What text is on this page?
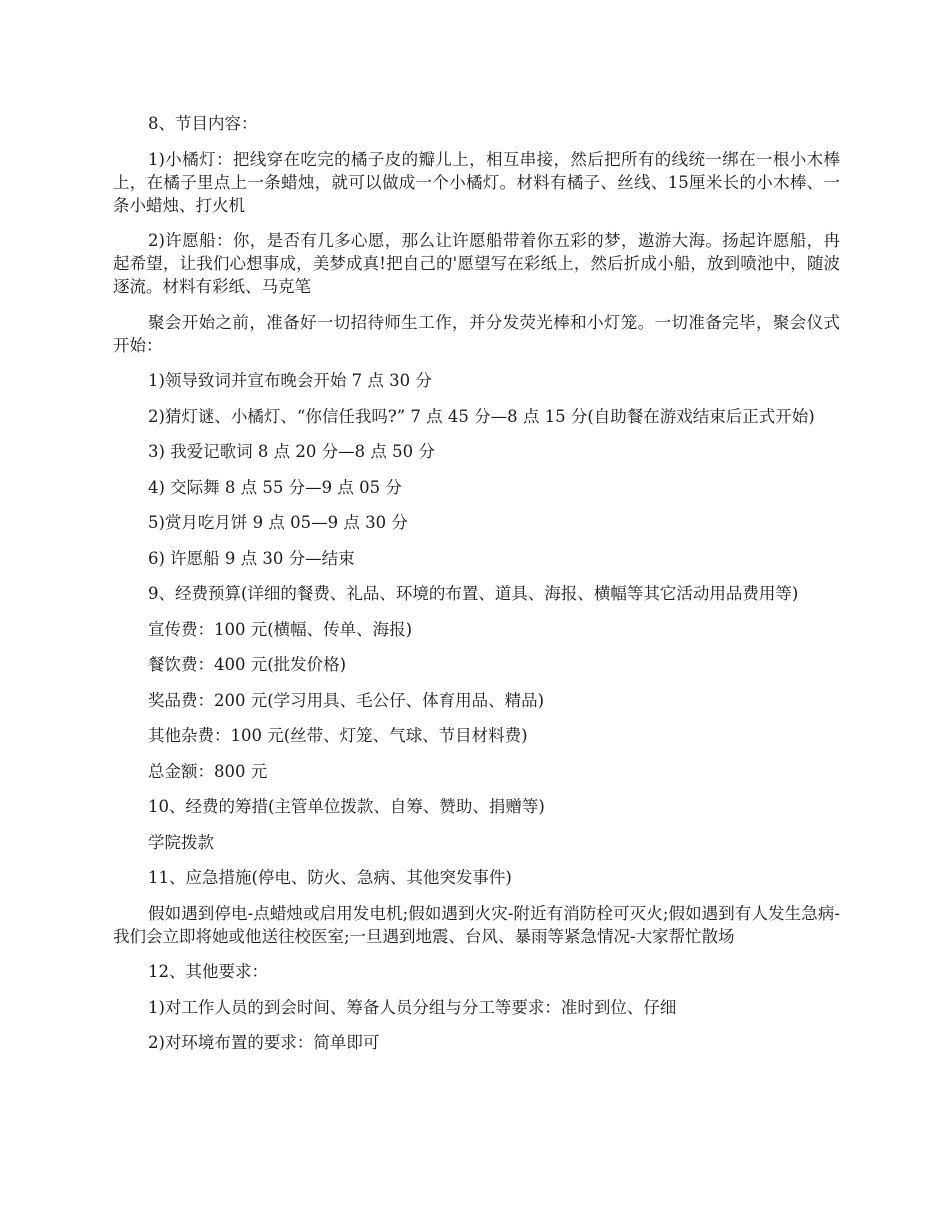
8、节目内容：

1)小橘灯：把线穿在吃完的橘子皮的瓣儿上，相互串接，然后把所有的线统一绑在一根小木棒上，在橘子里点上一条蜡烛，就可以做成一个小橘灯。材料有橘子、丝线、15厘米长的小木棒、一条小蜡烛、打火机

2)许愿船：你，是否有几多心愿，那么让许愿船带着你五彩的梦，遨游大海。扬起许愿船，冉起希望，让我们心想事成，美梦成真!把自己的'愿望写在彩纸上，然后折成小船，放到喷池中，随波逐流。材料有彩纸、马克笔

聚会开始之前，准备好一切招待师生工作，并分发荧光棒和小灯笼。一切准备完毕，聚会仪式开始：

1)领导致词并宣布晚会开始 7 点 30 分

2)猜灯谜、小橘灯、“你信任我吗?” 7 点 45 分—8 点 15 分(自助餐在游戏结束后正式开始)

3) 我爱记歌词 8 点 20 分—8 点 50 分

4) 交际舞 8 点 55 分—9 点 05 分

5)赏月吃月饼 9 点 05—9 点 30 分

6) 许愿船 9 点 30 分—结束

9、经费预算(详细的餐费、礼品、环境的布置、道具、海报、横幅等其它活动用品费用等)

宣传费：100 元(横幅、传单、海报)

餐饮费：400 元(批发价格)

奖品费：200 元(学习用具、毛公仔、体育用品、精品)

其他杂费：100 元(丝带、灯笼、气球、节目材料费)

总金额：800 元

10、经费的筹措(主管单位拨款、自筹、赞助、捐赠等)

学院拨款

11、应急措施(停电、防火、急病、其他突发事件)

假如遇到停电-点蜡烛或启用发电机;假如遇到火灾-附近有消防栓可灭火;假如遇到有人发生急病-我们会立即将她或他送往校医室;一旦遇到地震、台风、暴雨等紧急情况-大家帮忙散场

12、其他要求：

1)对工作人员的到会时间、筹备人员分组与分工等要求：准时到位、仔细

2)对环境布置的要求：简单即可
